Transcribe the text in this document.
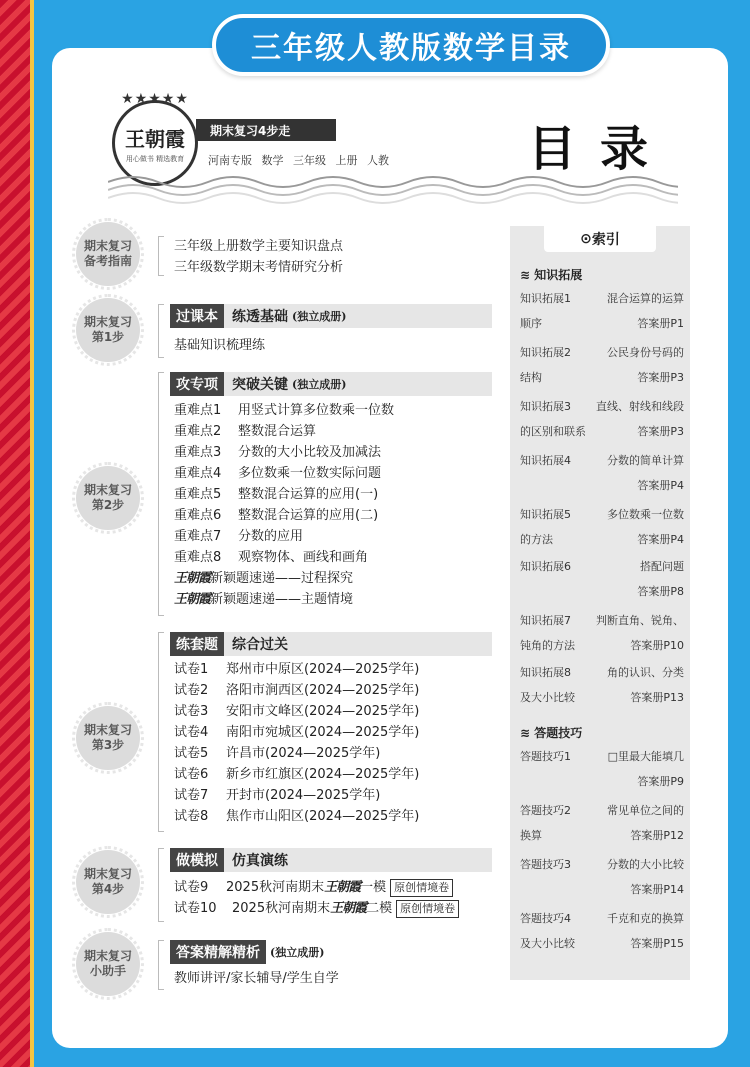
三年级人教版数学目录
★★★★★
王朝霞
用心做书 精选教育
期末复习4步走
河南专版 数学 三年级 上册 人教	目录
期末复习
备考指南
三年级上册数学主要知识盘点
三年级数学期末考情研究分析
期末复习
第1步
过课本	练透基础 (独立成册)
基础知识梳理练
期末复习
第2步
攻专项	突破关键 (独立成册)
重难点1	用竖式计算多位数乘一位数
重难点2	整数混合运算
重难点3	分数的大小比较及加减法
重难点4	多位数乘一位数实际问题
重难点5	整数混合运算的应用(一)
重难点6	整数混合运算的应用(二)
重难点7	分数的应用
重难点8	观察物体、画线和画角
王朝霞 新颖题速递——过程探究
王朝霞 新颖题速递——主题情境
期末复习
第3步
练套题	综合过关
试卷1	郑州市中原区(2024—2025学年)
试卷2	洛阳市涧西区(2024—2025学年)
试卷3	安阳市文峰区(2024—2025学年)
试卷4	南阳市宛城区(2024—2025学年)
试卷5	许昌市(2024—2025学年)
试卷6	新乡市红旗区(2024—2025学年)
试卷7	开封市(2024—2025学年)
试卷8	焦作市山阳区(2024—2025学年)
期末复习
第4步
做模拟	仿真演练
试卷9	2025秋河南期末 王朝霞 一模 原创情境卷
试卷10	2025秋河南期末 王朝霞 二模 原创情境卷
期末复习
小助手
答案精解精析 (独立成册)
教师讲评/家长辅导/学生自学
⊙ 索引
≋ 知识拓展
知识拓展1	混合运算的运算
顺序	答案册P1
知识拓展2	公民身份号码的
结构	答案册P3
知识拓展3 直线、射线和线段
的区别和联系	答案册P3
知识拓展4	分数的简单计算
答案册P4
知识拓展5	多位数乘一位数
的方法	答案册P4
知识拓展6	搭配问题
答案册P8
知识拓展7 判断直角、锐角、
钝角的方法	答案册P10
知识拓展8	角的认识、分类
及大小比较	答案册P13
≋ 答题技巧
答题技巧1	□里最大能填几
答案册P9
答题技巧2	常见单位之间的
换算	答案册P12
答题技巧3	分数的大小比较
答案册P14
答题技巧4	千克和克的换算
及大小比较	答案册P15
